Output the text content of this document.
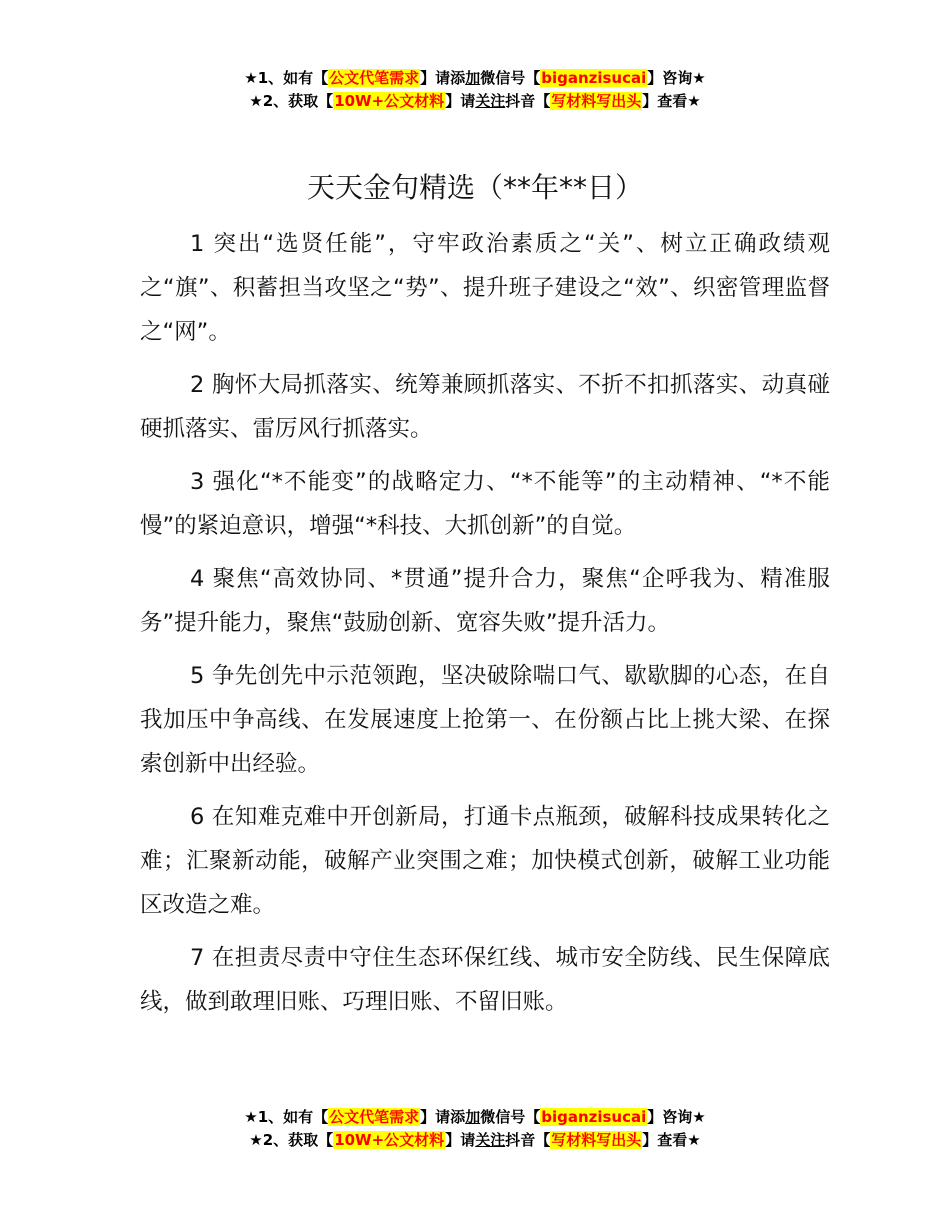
★1、如有【公文代笔需求】请添加微信号【biganzisucai】咨询★
★2、获取【10W+公文材料】请关注抖音【写材料写出头】查看★
天天金句精选（**年**日）

1 突出“选贤任能”，守牢政治素质之“关”、树立正确政绩观之“旗”、积蓄担当攻坚之“势”、提升班子建设之“效”、织密管理监督之“网”。

2 胸怀大局抓落实、统筹兼顾抓落实、不折不扣抓落实、动真碰硬抓落实、雷厉风行抓落实。

3 强化“*不能变”的战略定力、“*不能等”的主动精神、“*不能慢”的紧迫意识，增强“*科技、大抓创新”的自觉。

4 聚焦“高效协同、*贯通”提升合力，聚焦“企呼我为、精准服务”提升能力，聚焦“鼓励创新、宽容失败”提升活力。

5 争先创先中示范领跑，坚决破除喘口气、歇歇脚的心态，在自我加压中争高线、在发展速度上抢第一、在份额占比上挑大梁、在探索创新中出经验。

6 在知难克难中开创新局，打通卡点瓶颈，破解科技成果转化之难；汇聚新动能，破解产业突围之难；加快模式创新，破解工业功能区改造之难。

7 在担责尽责中守住生态环保红线、城市安全防线、民生保障底线，做到敢理旧账、巧理旧账、不留旧账。

★1、如有【公文代笔需求】请添加微信号【biganzisucai】咨询★
★2、获取【10W+公文材料】请关注抖音【写材料写出头】查看★
